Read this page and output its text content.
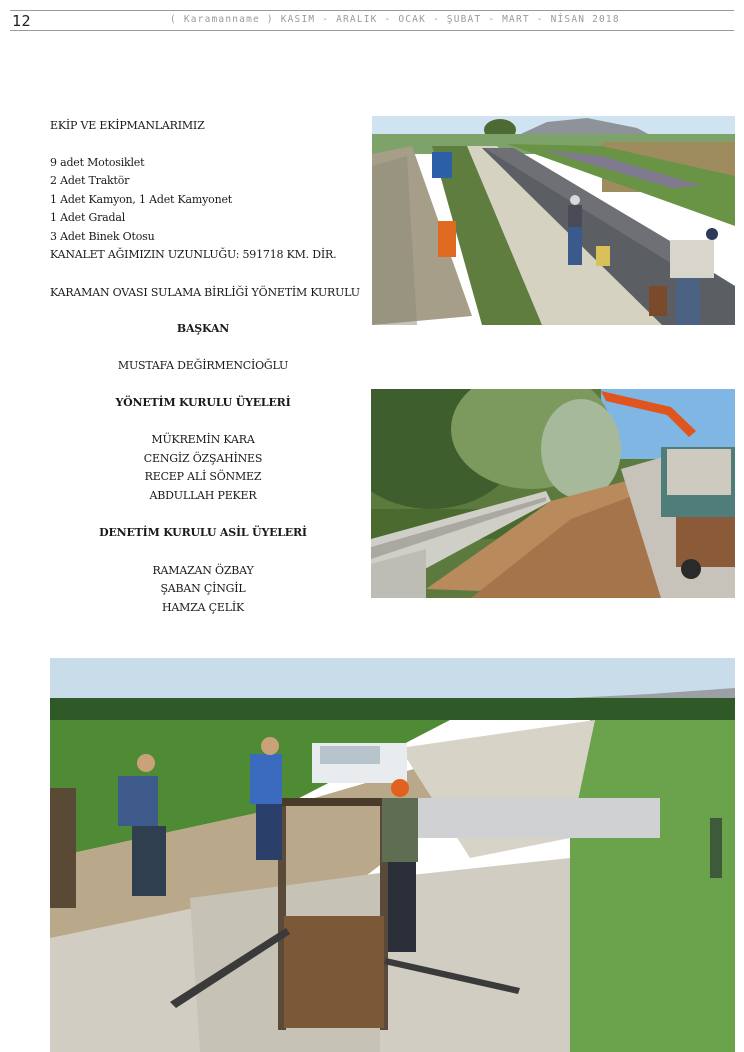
12	( Karamanname ) KASIM - ARALIK - OCAK - ŞUBAT - MART - NİSAN 2018
EKİP VE EKİPMANLARIMIZ
9 adet Motosiklet
2 Adet Traktör
1 Adet Kamyon, 1 Adet Kamyonet
1 Adet Gradal
3 Adet Binek Otosu
KANALET AĞIMIZIN UZUNLUĞU: 591718 KM. DİR.
KARAMAN OVASI SULAMA BİRLİĞİ YÖNETİM KURULU
BAŞKAN
MUSTAFA DEĞİRMENCİOĞLU
YÖNETİM KURULU ÜYELERİ
MÜKREMİN KARA
CENGİZ ÖZŞAHİNES
RECEP ALİ SÖNMEZ
ABDULLAH PEKER
DENETİM KURULU ASİL ÜYELERİ
RAMAZAN ÖZBAY
ŞABAN ÇİNGİL
HAMZA ÇELİK
